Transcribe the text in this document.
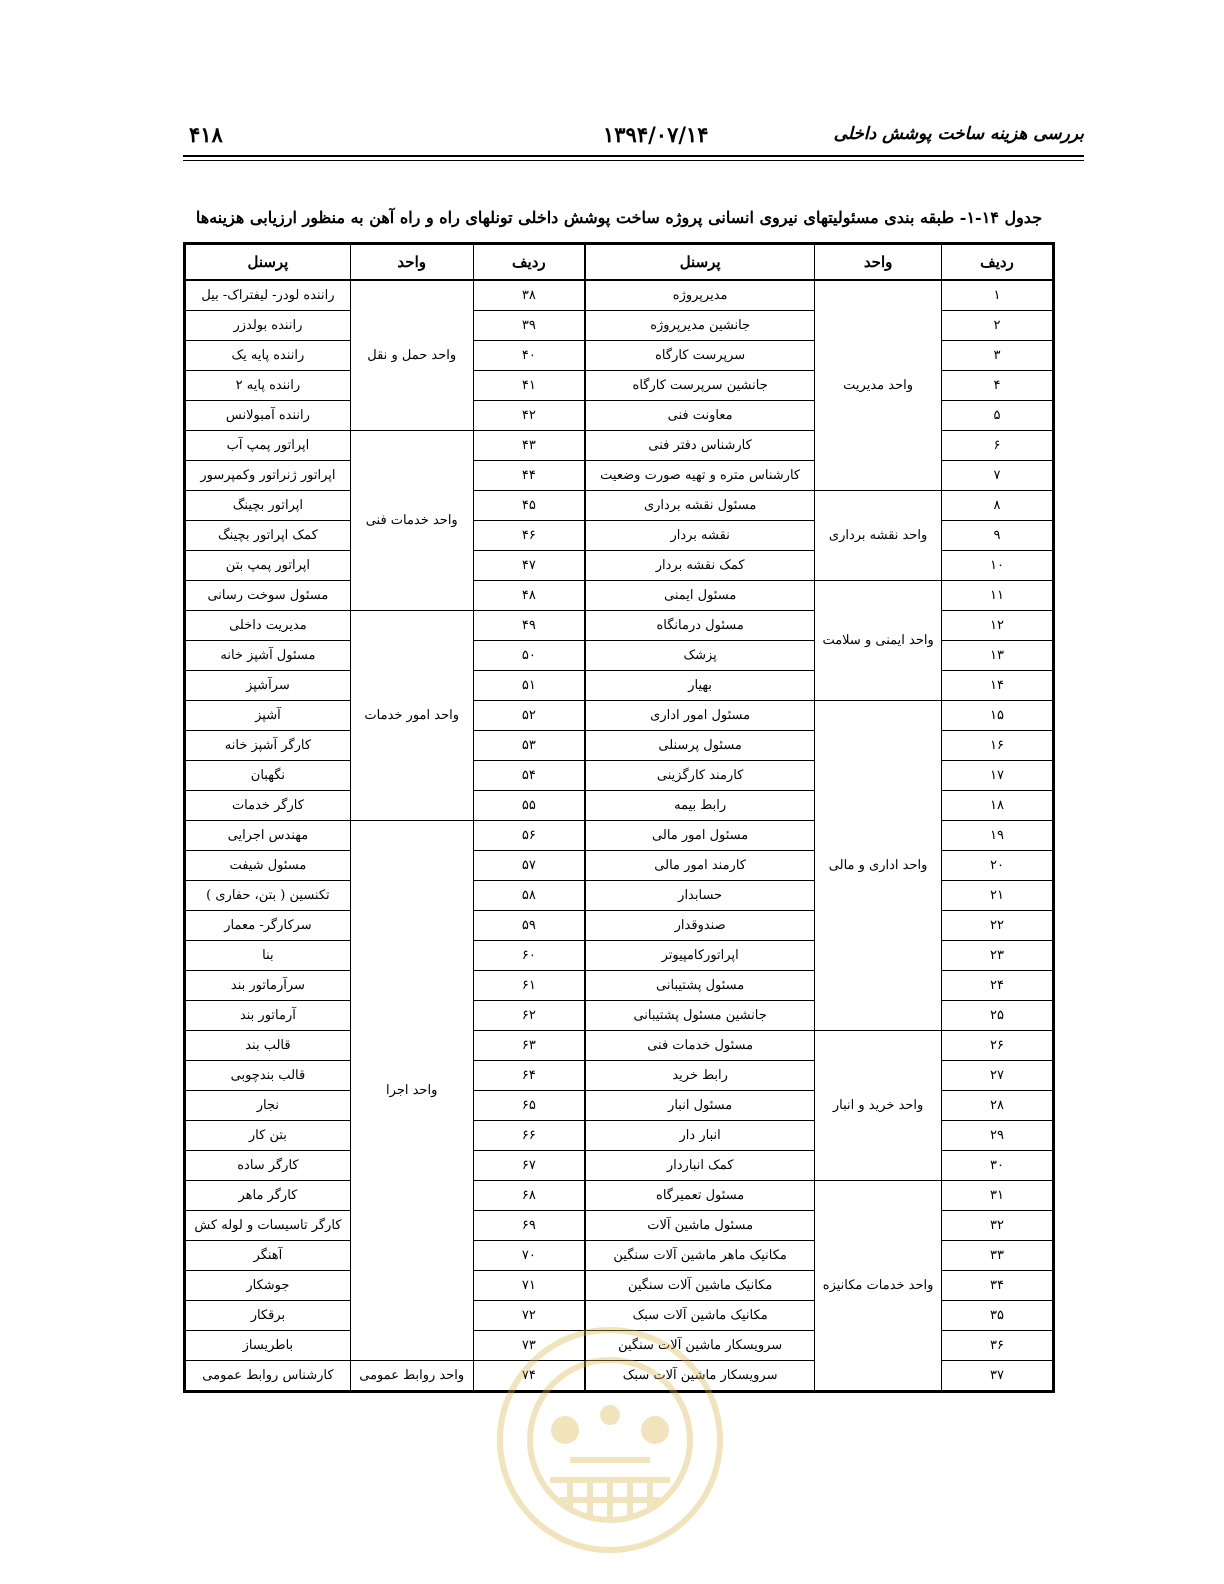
۴۱۸	۱۳۹۴/۰۷/۱۴	بررسی هزینه ساخت پوشش داخلی
جدول ۱۴-۱- طبقه بندی مسئولیتهای نیروی انسانی پروژه ساخت پوشش داخلی تونلهای راه و راه آهن به منظور ارزیابی هزینه‌ها
ردیف	واحد	پرسنل	ردیف	واحد	پرسنل
۱	واحد مدیریت	مدیرپروژه	۳۸	واحد حمل و نقل	راننده لودر- لیفتراک- بیل
۲		جانشین مدیرپروژه	۳۹		راننده بولدزر
۳		سرپرست کارگاه	۴۰		راننده پایه یک
۴		جانشین سرپرست کارگاه	۴۱		راننده پایه ۲
۵		معاونت فنی	۴۲		راننده آمبولانس
۶		کارشناس دفتر فنی	۴۳	واحد خدمات فنی	اپراتور پمپ آب
۷		کارشناس متره و تهیه صورت وضعیت	۴۴		اپراتور ژنراتور وکمپرسور
۸	واحد نقشه برداری	مسئول نقشه برداری	۴۵		اپراتور بچینگ
۹		نقشه بردار	۴۶		کمک اپراتور بچینگ
۱۰		کمک نقشه بردار	۴۷		اپراتور پمپ بتن
۱۱	واحد ایمنی و سلامت	مسئول ایمنی	۴۸		مسئول سوخت رسانی
۱۲		مسئول درمانگاه	۴۹	واحد امور خدمات	مدیریت داخلی
۱۳		پزشک	۵۰		مسئول آشپز خانه
۱۴		بهیار	۵۱		سرآشپز
۱۵	واحد اداری و مالی	مسئول امور اداری	۵۲		آشپز
۱۶		مسئول پرسنلی	۵۳		کارگر آشپز خانه
۱۷		کارمند کارگزینی	۵۴		نگهبان
۱۸		رابط بیمه	۵۵		کارگر خدمات
۱۹		مسئول امور مالی	۵۶	واحد اجرا	مهندس اجرایی
۲۰		کارمند امور مالی	۵۷		مسئول شیفت
۲۱		حسابدار	۵۸		تکنسین ( بتن، حفاری )
۲۲		صندوقدار	۵۹		سرکارگر- معمار
۲۳		اپراتورکامپیوتر	۶۰		بنا
۲۴		مسئول پشتیبانی	۶۱		سرآرماتور بند
۲۵		جانشین مسئول پشتیبانی	۶۲		آرماتور بند
۲۶	واحد خرید و انبار	مسئول خدمات فنی	۶۳		قالب بند
۲۷		رابط خرید	۶۴		قالب بندچوبی
۲۸		مسئول انبار	۶۵		نجار
۲۹		انبار دار	۶۶		بتن کار
۳۰		کمک انباردار	۶۷		کارگر ساده
۳۱	واحد خدمات مکانیزه	مسئول تعمیرگاه	۶۸		کارگر ماهر
۳۲		مسئول ماشین آلات	۶۹		کارگر تاسیسات و لوله کش
۳۳		مکانیک ماهر ماشین آلات سنگین	۷۰		آهنگر
۳۴		مکانیک ماشین آلات سنگین	۷۱		جوشکار
۳۵		مکانیک ماشین آلات سبک	۷۲		برقکار
۳۶		سرویسکار ماشین آلات سنگین	۷۳		باطریساز
۳۷		سرویسکار ماشین آلات سبک	۷۴	واحد روابط عمومی	کارشناس روابط عمومی
